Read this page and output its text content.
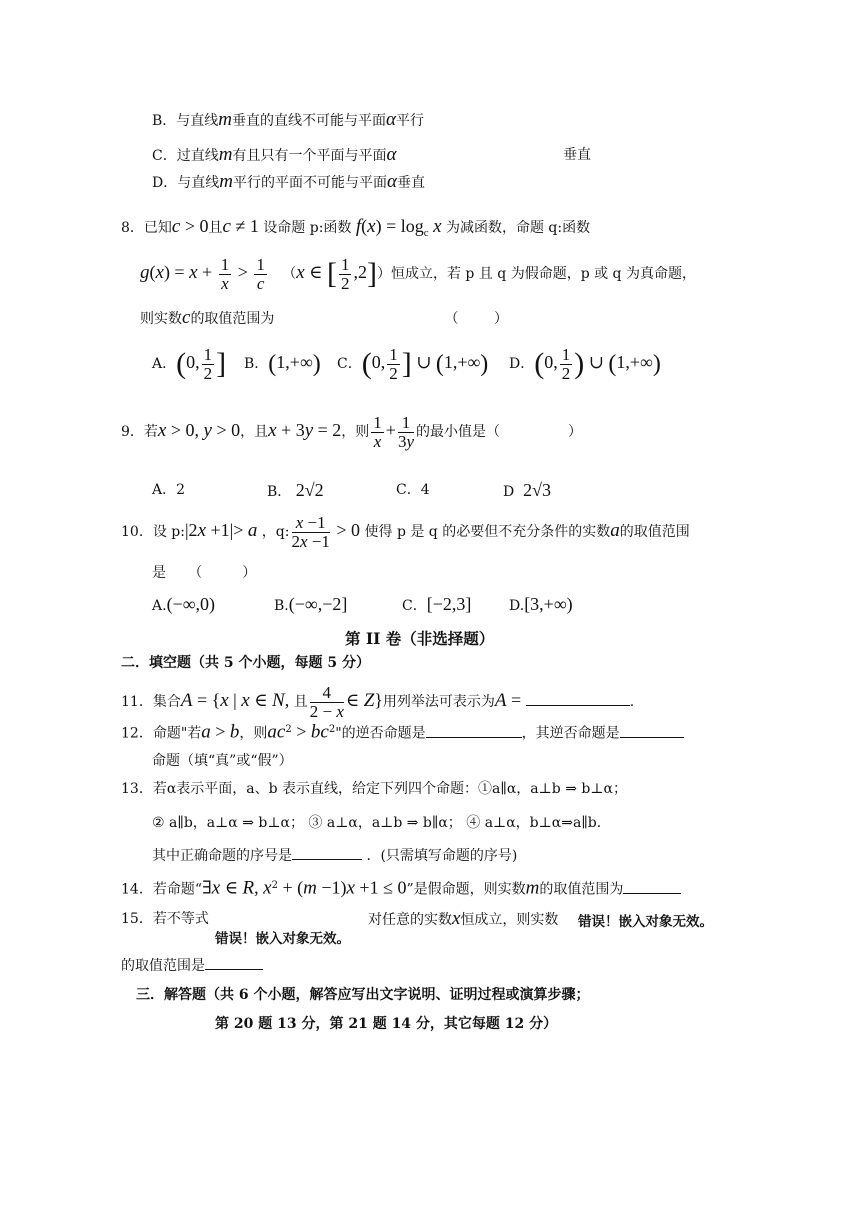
B．与直线m垂直的直线不可能与平面α平行
C．过直线m有且只有一个平面与平面α	垂直
D．与直线m平行的平面不可能与平面α垂直
8．已知c > 0且c ≠ 1 设命题 p:函数 $f(x) = \log_c x$ 为减函数，命题 q:函数
$g(x) = x + \frac{1}{x} > \frac{1}{c} (x$ ∈ [ $\frac{1}{2} ,2$]）恒成立，若 p 且 q 为假命题，p 或 q 为真命题，
则实数c的取值范围为	（        ）
A．(0, $\frac{1}{2}$ ] B．(1,+∞) C．(0, $\frac{1}{2}$ ] ∪ (1,+∞) D．(0, $\frac{1}{2}$ ) ∪ (1,+∞)
9．若x > 0, y > 0，且x + 3y = 2，则 $\frac{1}{x} + \frac{1}{3y}$ 的最小值是（	）
A．2	B． 2√2	C．4	D  2√3
10．设 p:|2x +1|> a ，q: $\frac{x -1}{2x -1} > 0$ 使得 p 是 q 的必要但不充分条件的实数a的取值范围
是     （         ）
A.(−∞,0)	B.(−∞,−2]	C．[−2,3]	D.[3,+∞)
第 II 卷（非选择题）
二．填空题（共 5 个小题，每题 5 分）
11．集合A = {x | x ∈ N, 且 $\frac{4}{2 - x}$ ∈ Z}用列举法可表示为A =	.
12．命题"若a > b，则$ac^2 > bc^2$"的逆否命题是	，其逆否命题是
命题（填“真”或“假”）
13．若α表示平面，a、b 表示直线，给定下列四个命题：①a∥α，a⊥b ⇒ b⊥α；
② a∥b，a⊥α ⇒ b⊥α； ③ a⊥α，a⊥b ⇒ b∥α； ④ a⊥α，b⊥α⇒a∥b．
其中正确命题的序号是	．(只需填写命题的序号)
14．若命题“∃x ∈ R, $x^2 + (m -1)x +1 \le 0$”是假命题，则实数m的取值范围为
15．若不等式	对任意的实数x恒成立，则实数 错误！嵌入对象无效。
错误！嵌入对象无效。
的取值范围是
三．解答题（共 6 个小题，解答应写出文字说明、证明过程或演算步骤；
第 20 题 13 分，第 21 题 14 分，其它每题 12 分）
